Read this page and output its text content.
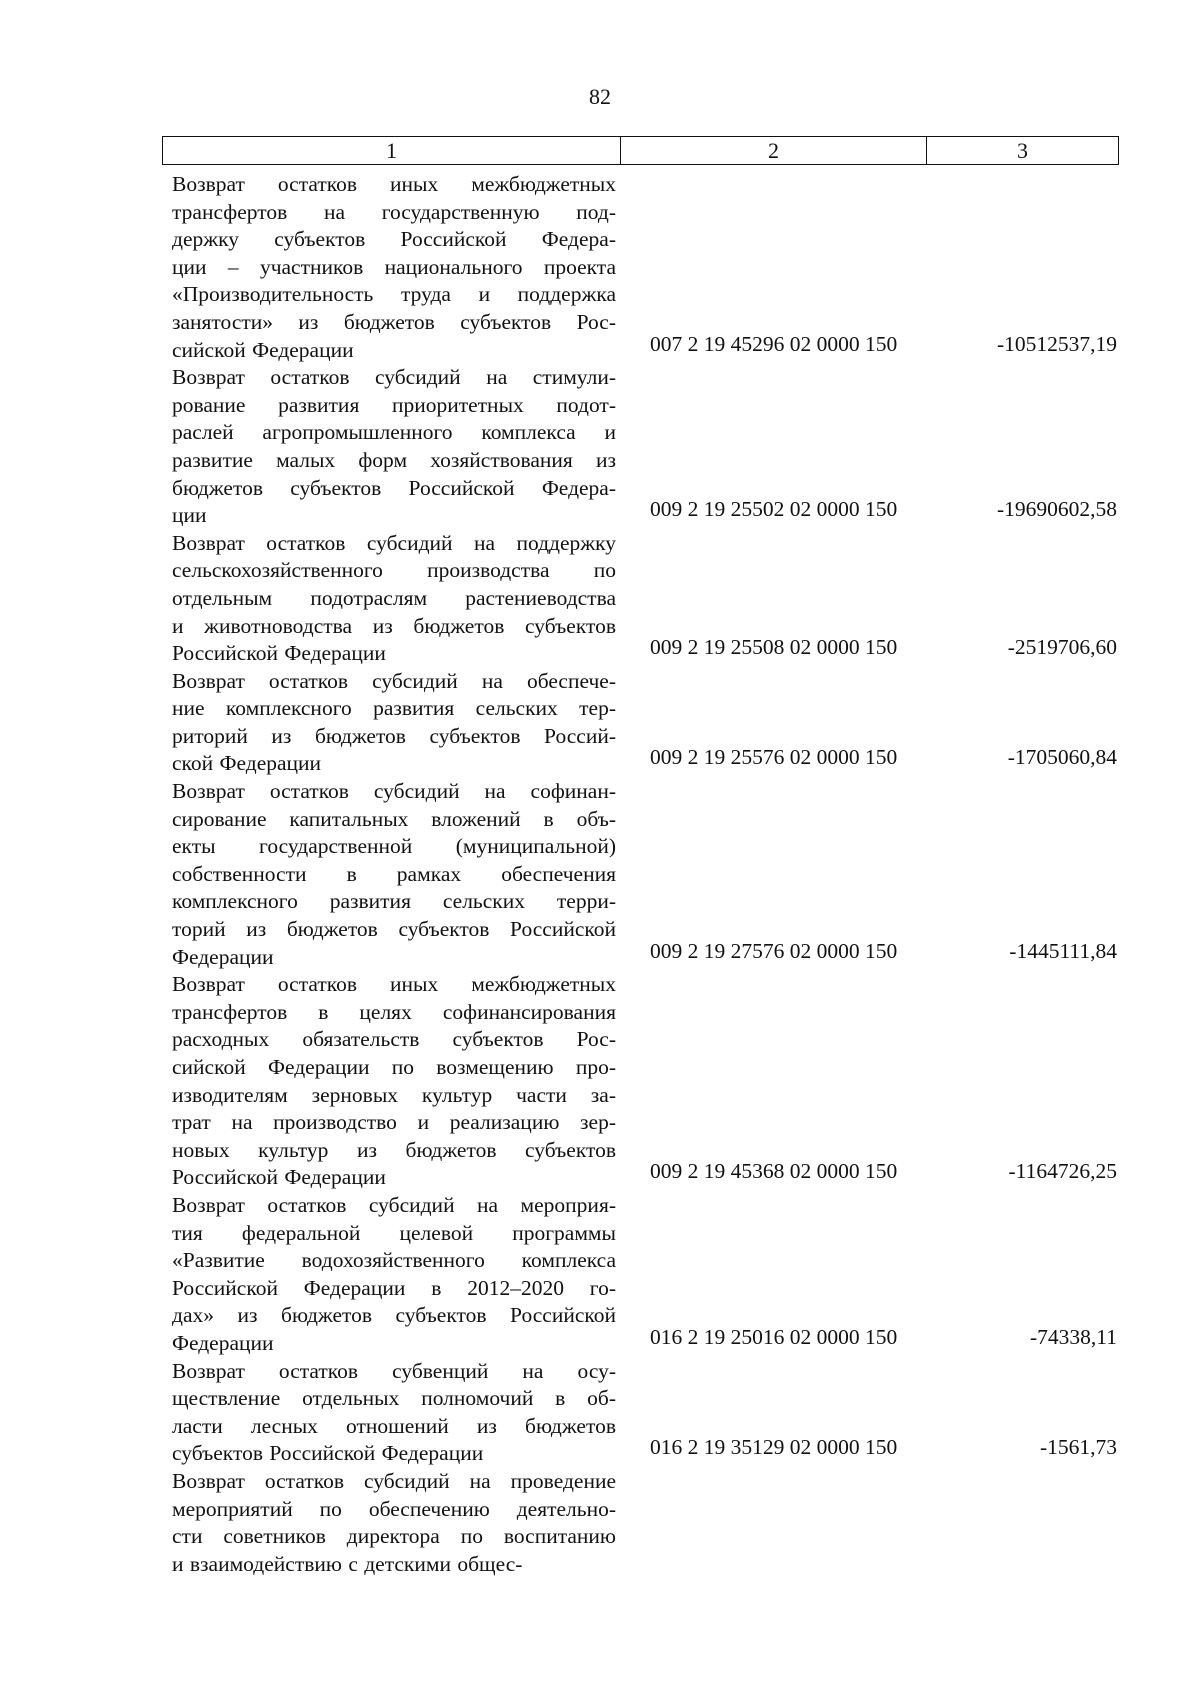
82
1	2	3
Возврат остатков иных межбюджетных
трансфертов на государственную под-
держку субъектов Российской Федера-
ции – участников национального проекта
«Производительность труда и поддержка
занятости» из бюджетов субъектов Рос-
сийской Федерации	007 2 19 45296 02 0000 150	-10512537,19
Возврат остатков субсидий на стимули-
рование развития приоритетных подот-
раслей агропромышленного комплекса и
развитие малых форм хозяйствования из
бюджетов субъектов Российской Федера-
ции	009 2 19 25502 02 0000 150	-19690602,58
Возврат остатков субсидий на поддержку
сельскохозяйственного производства по
отдельным подотраслям растениеводства
и животноводства из бюджетов субъектов
Российской Федерации	009 2 19 25508 02 0000 150	-2519706,60
Возврат остатков субсидий на обеспече-
ние комплексного развития сельских тер-
риторий из бюджетов субъектов Россий-
ской Федерации	009 2 19 25576 02 0000 150	-1705060,84
Возврат остатков субсидий на софинан-
сирование капитальных вложений в объ-
екты государственной (муниципальной)
собственности в рамках обеспечения
комплексного развития сельских терри-
торий из бюджетов субъектов Российской
Федерации	009 2 19 27576 02 0000 150	-1445111,84
Возврат остатков иных межбюджетных
трансфертов в целях софинансирования
расходных обязательств субъектов Рос-
сийской Федерации по возмещению про-
изводителям зерновых культур части за-
трат на производство и реализацию зер-
новых культур из бюджетов субъектов
Российской Федерации	009 2 19 45368 02 0000 150	-1164726,25
Возврат остатков субсидий на мероприя-
тия федеральной целевой программы
«Развитие водохозяйственного комплекса
Российской Федерации в 2012–2020 го-
дах» из бюджетов субъектов Российской
Федерации	016 2 19 25016 02 0000 150	-74338,11
Возврат остатков субвенций на осу-
ществление отдельных полномочий в об-
ласти лесных отношений из бюджетов
субъектов Российской Федерации	016 2 19 35129 02 0000 150	-1561,73
Возврат остатков субсидий на проведение
мероприятий по обеспечению деятельно-
сти советников директора по воспитанию
и взаимодействию с детскими общес-
